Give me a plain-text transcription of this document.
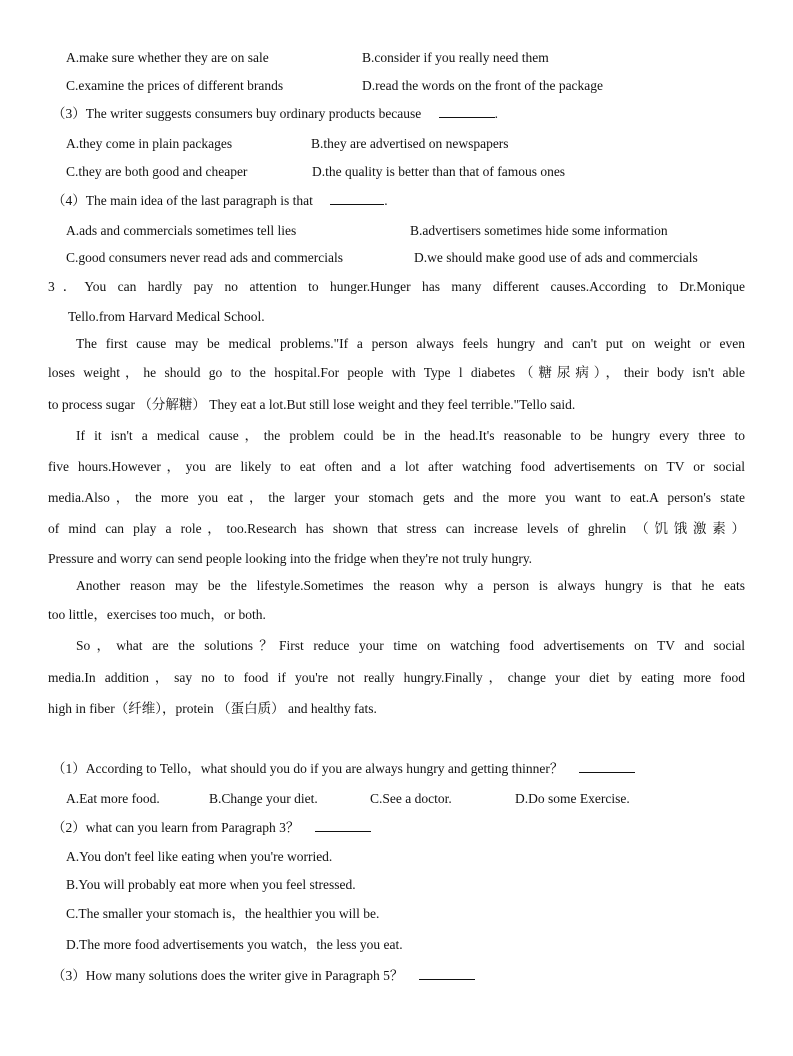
A.make sure whether they are on sale	B.consider if you really need them
C.examine the prices of different brands	D.read the words on the front of the package
（3）The writer suggests consumers buy ordinary products because	.
A.they come in plain packages	B.they are advertised on newspapers
C.they are both good and cheaper	D.the quality is better than that of famous ones
（4）The main idea of the last paragraph is that	.
A.ads and commercials sometimes tell lies	B.advertisers sometimes hide some information
C.good consumers never read ads and commercials	D.we should make good use of ads and commercials
3．You can hardly pay no attention to hunger.Hunger has many different causes.According to Dr.Monique
Tello.from Harvard Medical School.
The first cause may be medical problems."If a person always feels hungry and can't put on weight or even
loses weight，he should go to the hospital.For people with Type l diabetes（糖尿病），their body isn't able
to process sugar （分解糖） They eat a lot.But still lose weight and they feel terrible."Tello said.
If it isn't a medical cause，the problem could be in the head.It's reasonable to be hungry every three to
five hours.However，you are likely to eat often and a lot after watching food advertisements on TV or social
media.Also，the more you eat，the larger your stomach gets and the more you want to eat.A person's state
of mind can play a role，too.Research has shown that stress can increase levels of ghrelin （饥饿激素）
Pressure and worry can send people looking into the fridge when they're not truly hungry.
Another reason may be the lifestyle.Sometimes the reason why a person is always hungry is that he eats
too little，exercises too much，or both.
So，what are the solutions？First reduce your time on watching food advertisements on TV and social
media.In addition，say no to food if you're not really hungry.Finally，change your diet by eating more food
high in fiber（纤维），protein （蛋白质） and healthy fats.
（1）According to Tello，what should you do if you are always hungry and getting thinner？
A.Eat more food.	B.Change your diet.	C.See a doctor.	D.Do some Exercise.
（2）what can you learn from Paragraph 3？
A.You don't feel like eating when you're worried.
B.You will probably eat more when you feel stressed.
C.The smaller your stomach is，the healthier you will be.
D.The more food advertisements you watch，the less you eat.
（3）How many solutions does the writer give in Paragraph 5？
